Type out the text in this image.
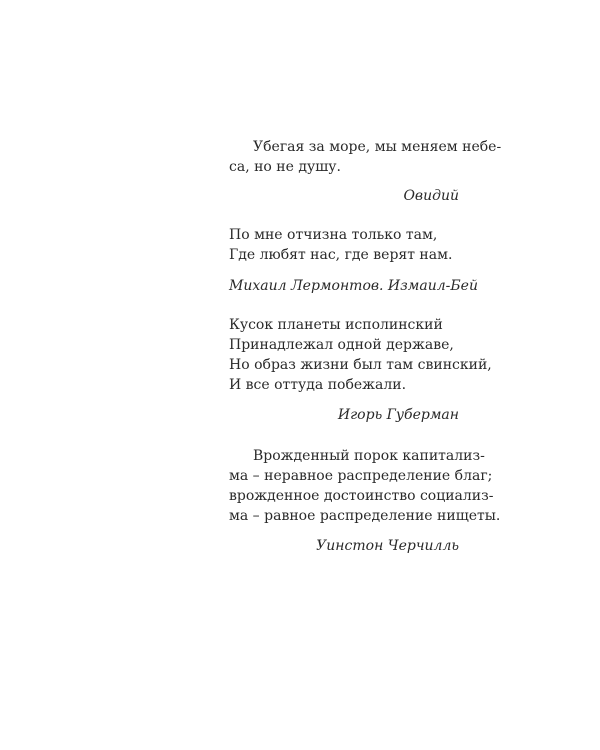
Убегая за море, мы меняем небе-

са, но не душу.

Овидий

По мне отчизна только там,

Где любят нас, где верят нам.

Михаил Лермонтов. Измаил-Бей

Кусок планеты исполинский

Принадлежал одной державе,

Но образ жизни был там свинский,

И все оттуда побежали.

Игорь Губерман

Врожденный порок капитализ-

ма – неравное распределение благ;

врожденное достоинство социализ-

ма – равное распределение нищеты.

Уинстон Черчилль
